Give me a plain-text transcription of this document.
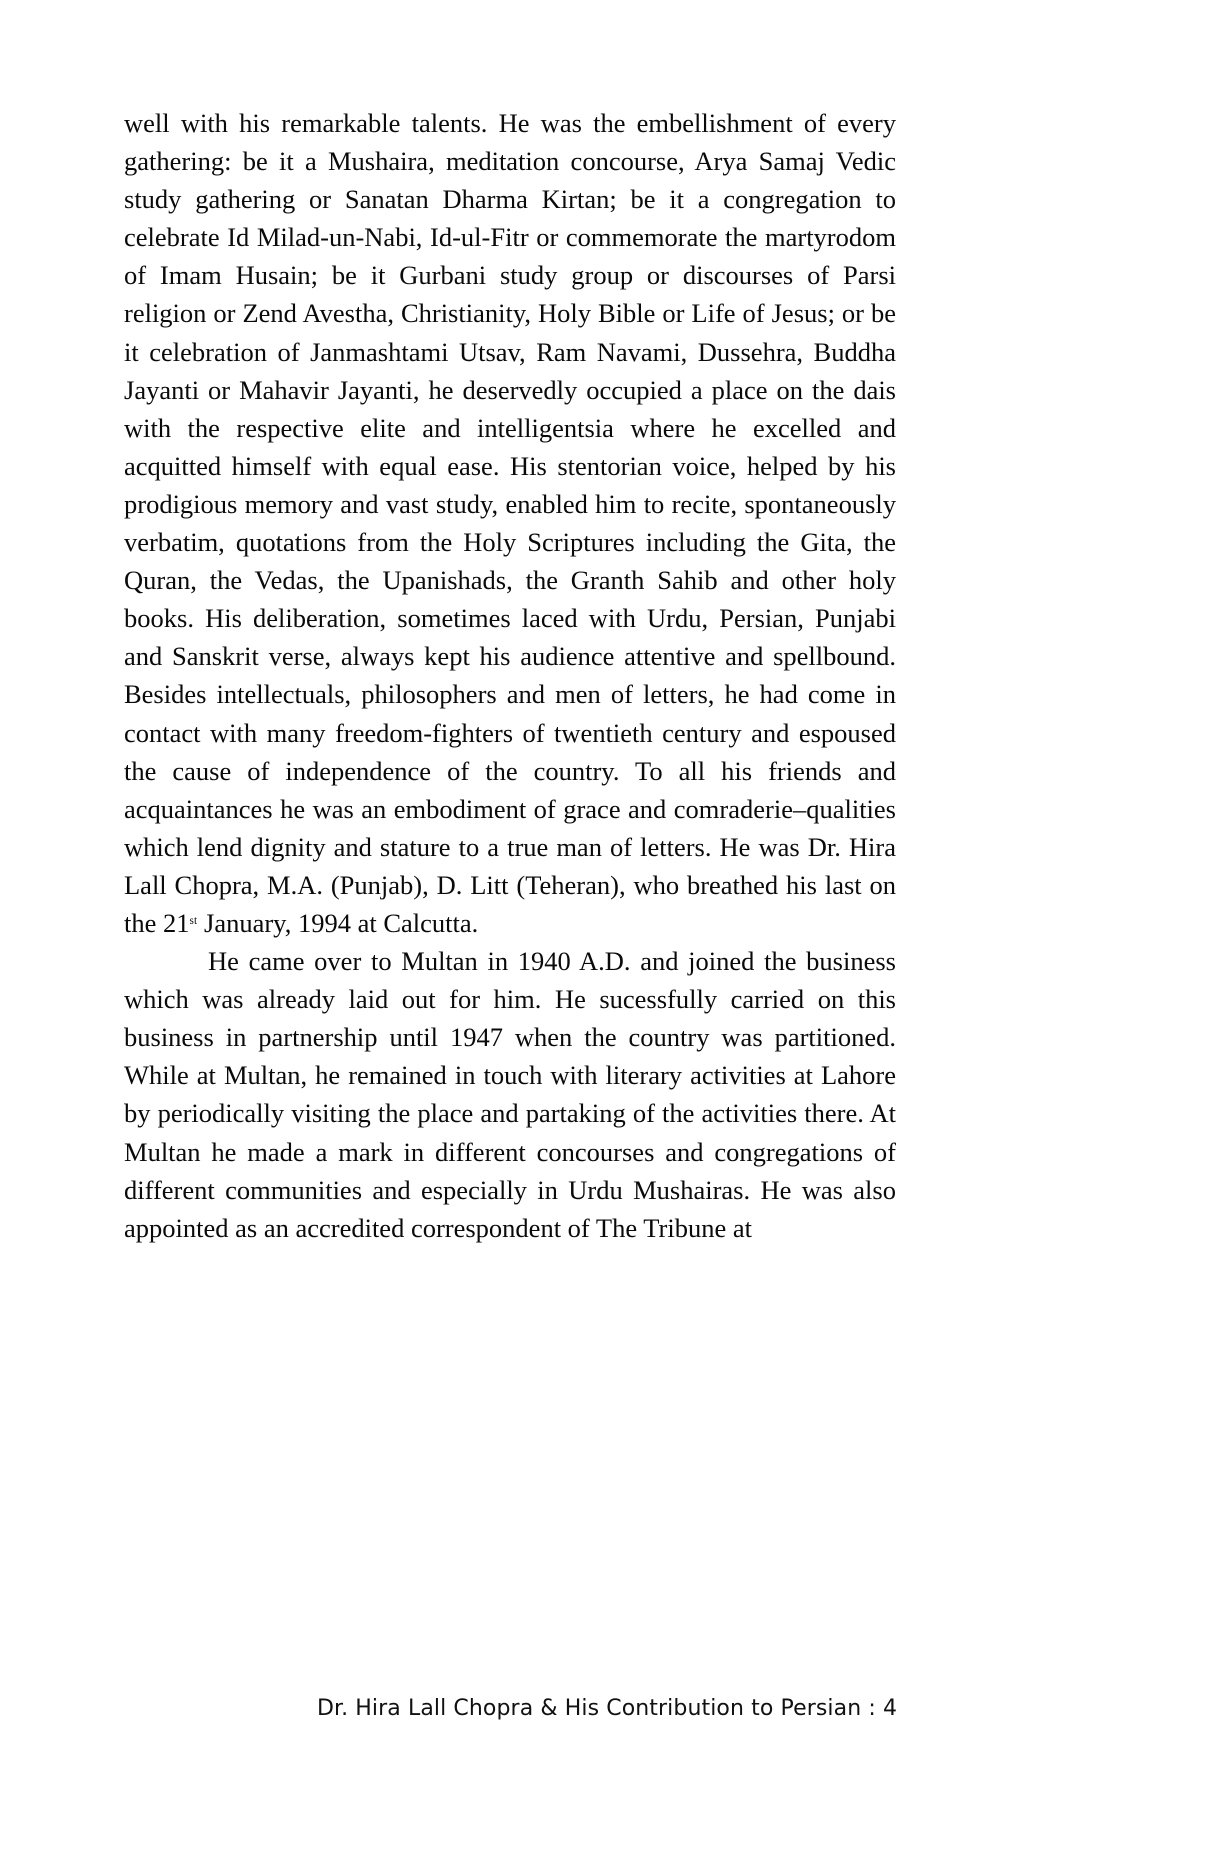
well with his remarkable talents. He was the embellishment of every gathering: be it a Mushaira, meditation concourse, Arya Samaj Vedic study gathering or Sanatan Dharma Kirtan; be it a congregation to celebrate Id Milad-un-Nabi, Id-ul-Fitr or commemorate the martyrodom of Imam Husain; be it Gurbani study group or discourses of Parsi religion or Zend Avestha, Christianity, Holy Bible or Life of Jesus; or be it celebration of Janmashtami Utsav, Ram Navami, Dussehra, Buddha Jayanti or Mahavir Jayanti, he deservedly occupied a place on the dais with the respective elite and intelligentsia where he excelled and acquitted himself with equal ease. His stentorian voice, helped by his prodigious memory and vast study, enabled him to recite, spontaneously verbatim, quotations from the Holy Scriptures including the Gita, the Quran, the Vedas, the Upanishads, the Granth Sahib and other holy books. His deliberation, sometimes laced with Urdu, Persian, Punjabi and Sanskrit verse, always kept his audience attentive and spellbound. Besides intellectuals, philosophers and men of letters, he had come in contact with many freedom-fighters of twentieth century and espoused the cause of independence of the country. To all his friends and acquaintances he was an embodiment of grace and comraderie–qualities which lend dignity and stature to a true man of letters. He was Dr. Hira Lall Chopra, M.A. (Punjab), D. Litt (Teheran), who breathed his last on the 21st January, 1994 at Calcutta.

He came over to Multan in 1940 A.D. and joined the business which was already laid out for him. He sucessfully carried on this business in partnership until 1947 when the country was partitioned. While at Multan, he remained in touch with literary activities at Lahore by periodically visiting the place and partaking of the activities there. At Multan he made a mark in different concourses and congregations of different communities and especially in Urdu Mushairas. He was also appointed as an accredited correspondent of The Tribune at

Dr. Hira Lall Chopra & His Contribution to Persian : 4
